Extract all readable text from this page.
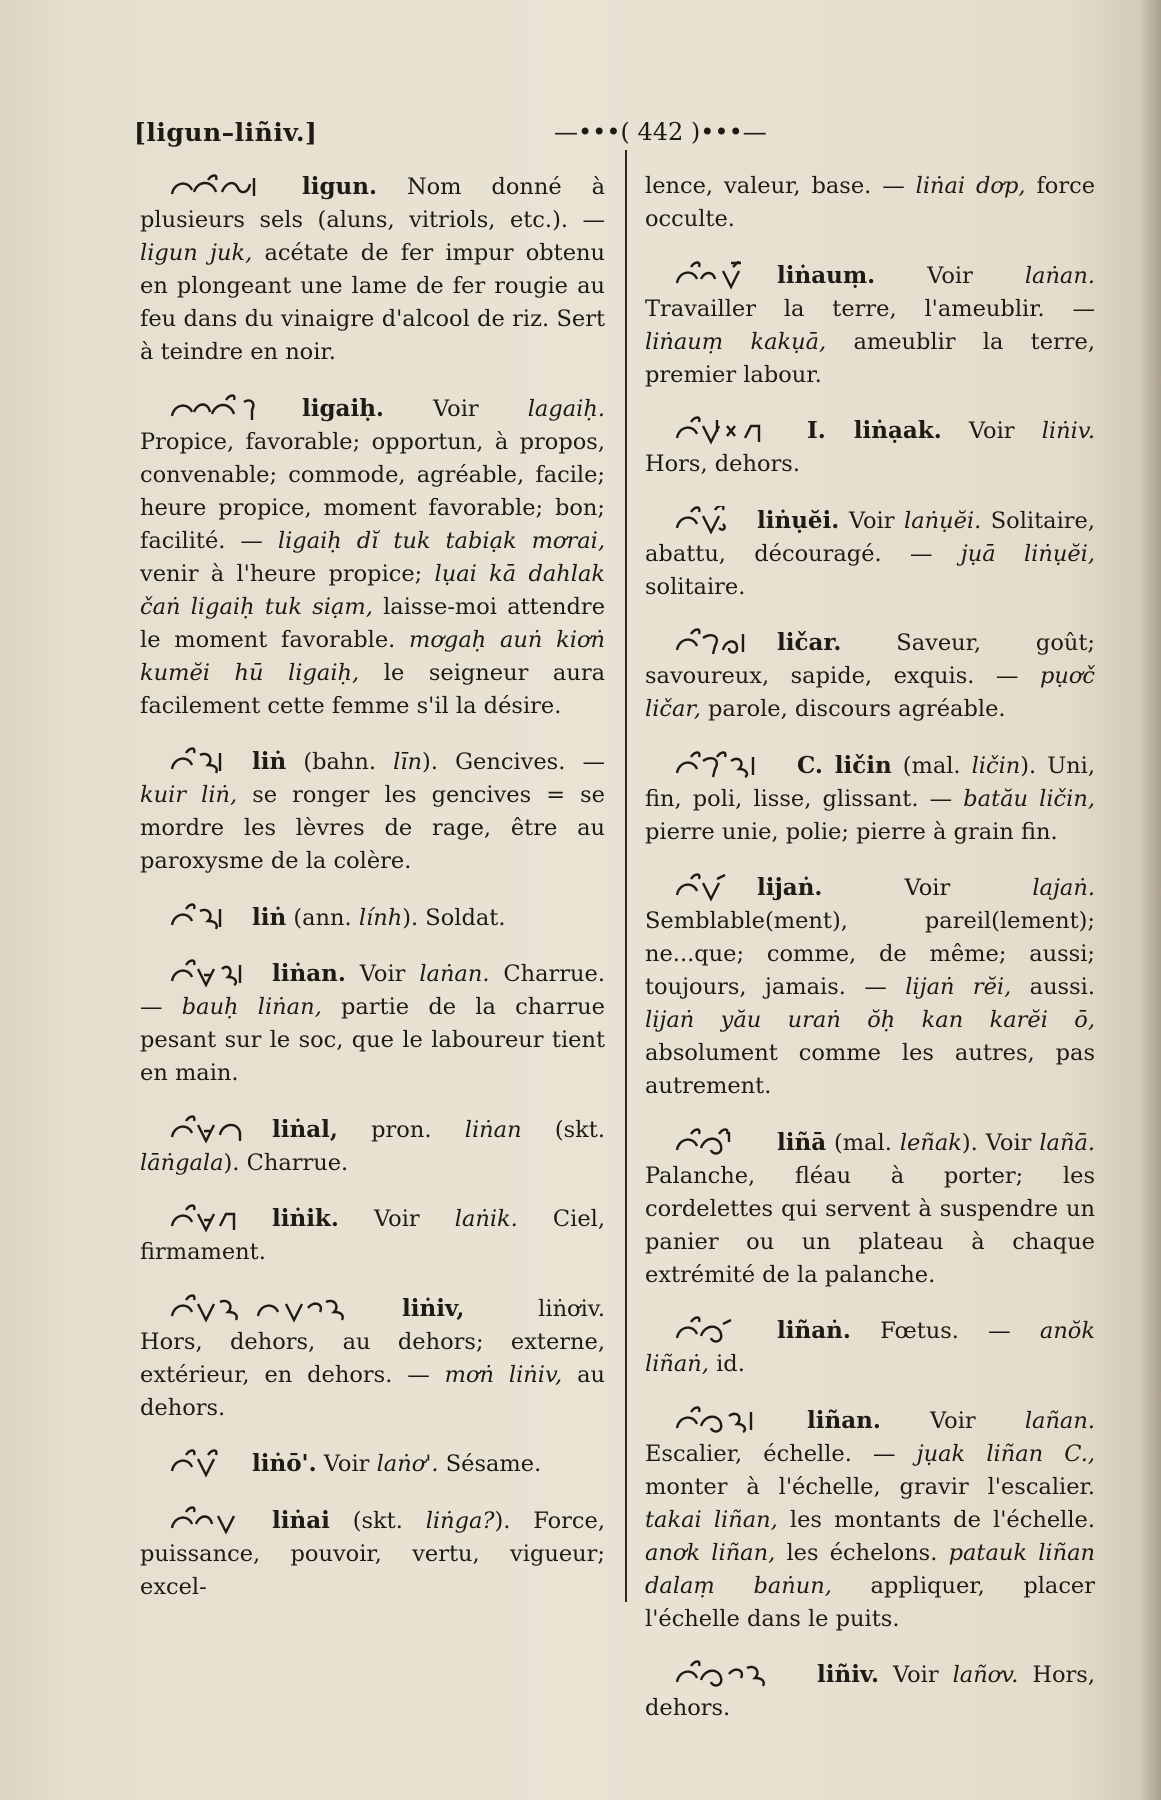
[ligun–liñiv.]	—•••( 442 )•••—

ligun. Nom donné à plusieurs sels (aluns, vitriols, etc.). — ligun juk, acétate de fer impur obtenu en plongeant une lame de fer rougie au feu dans du vinaigre d'alcool de riz. Sert à teindre en noir.

ligaiḥ. Voir lagaiḥ. Propice, favorable; opportun, à propos, convenable; commode, agréable, facile; heure propice, moment favorable; bon; facilité. — ligaiḥ dĭ tuk tabiạk mơrai, venir à l'heure propice; lụai kā dahlak čaṅ ligaiḥ tuk siạm, laisse-moi attendre le moment favorable. mơgaḥ auṅ kiơṅ kumĕi hū ligaiḥ, le seigneur aura facilement cette femme s'il la désire.

liṅ (bahn. līn). Gencives. — kuir liṅ, se ronger les gencives = se mordre les lèvres de rage, être au paroxysme de la colère.

liṅ (ann. lính). Soldat.

liṅan. Voir laṅan. Charrue. — bauḥ liṅan, partie de la charrue pesant sur le soc, que le laboureur tient en main.

liṅal, pron. liṅan (skt. lāṅgala). Charrue.

liṅik. Voir laṅik. Ciel, firmament.

liṅiv,	liṅơiv. Hors, dehors, au dehors; externe, extérieur, en dehors. — mơṅ liṅiv, au dehors.

liṅō'. Voir laṅơ'. Sésame.

liṅai (skt. liṅga?). Force, puissance, pouvoir, vertu, vigueur; excel-

lence, valeur, base. — liṅai dơp, force occulte.

liṅauṃ. Voir laṅan. Travailler la terre, l'ameublir. — liṅauṃ kakụā, ameublir la terre, premier labour.

I. liṅạak. Voir liṅiv. Hors, dehors.

liṅụĕi. Voir laṅụĕi. Solitaire, abattu, découragé. — jụā liṅụĕi, solitaire.

ličar. Saveur, goût; savoureux, sapide, exquis. — pụơč ličar, parole, discours agréable.

C. ličin (mal. ličin). Uni, fin, poli, lisse, glissant. — batău ličin, pierre unie, polie; pierre à grain fin.

lijaṅ.	Voir lajaṅ. Semblable(ment), pareil(lement); ne...que; comme, de même; aussi; toujours, jamais. — lijaṅ rĕi, aussi. lijaṅ yău uraṅ ŏḥ kan karĕi ō, absolument comme les autres, pas autrement.

liñā (mal. leñak). Voir lañā. Palanche, fléau à porter; les cordelettes qui servent à suspendre un panier ou un plateau à chaque extrémité de la palanche.

liñaṅ. Fœtus. — anŏk liñaṅ, id.

liñan. Voir lañan. Escalier, échelle. — jụak liñan C., monter à l'échelle, gravir l'escalier. takai liñan, les montants de l'échelle. anơk liñan, les échelons. patauk liñan dalaṃ baṅun, appliquer, placer l'échelle dans le puits.

liñiv. Voir lañơv. Hors, dehors.
